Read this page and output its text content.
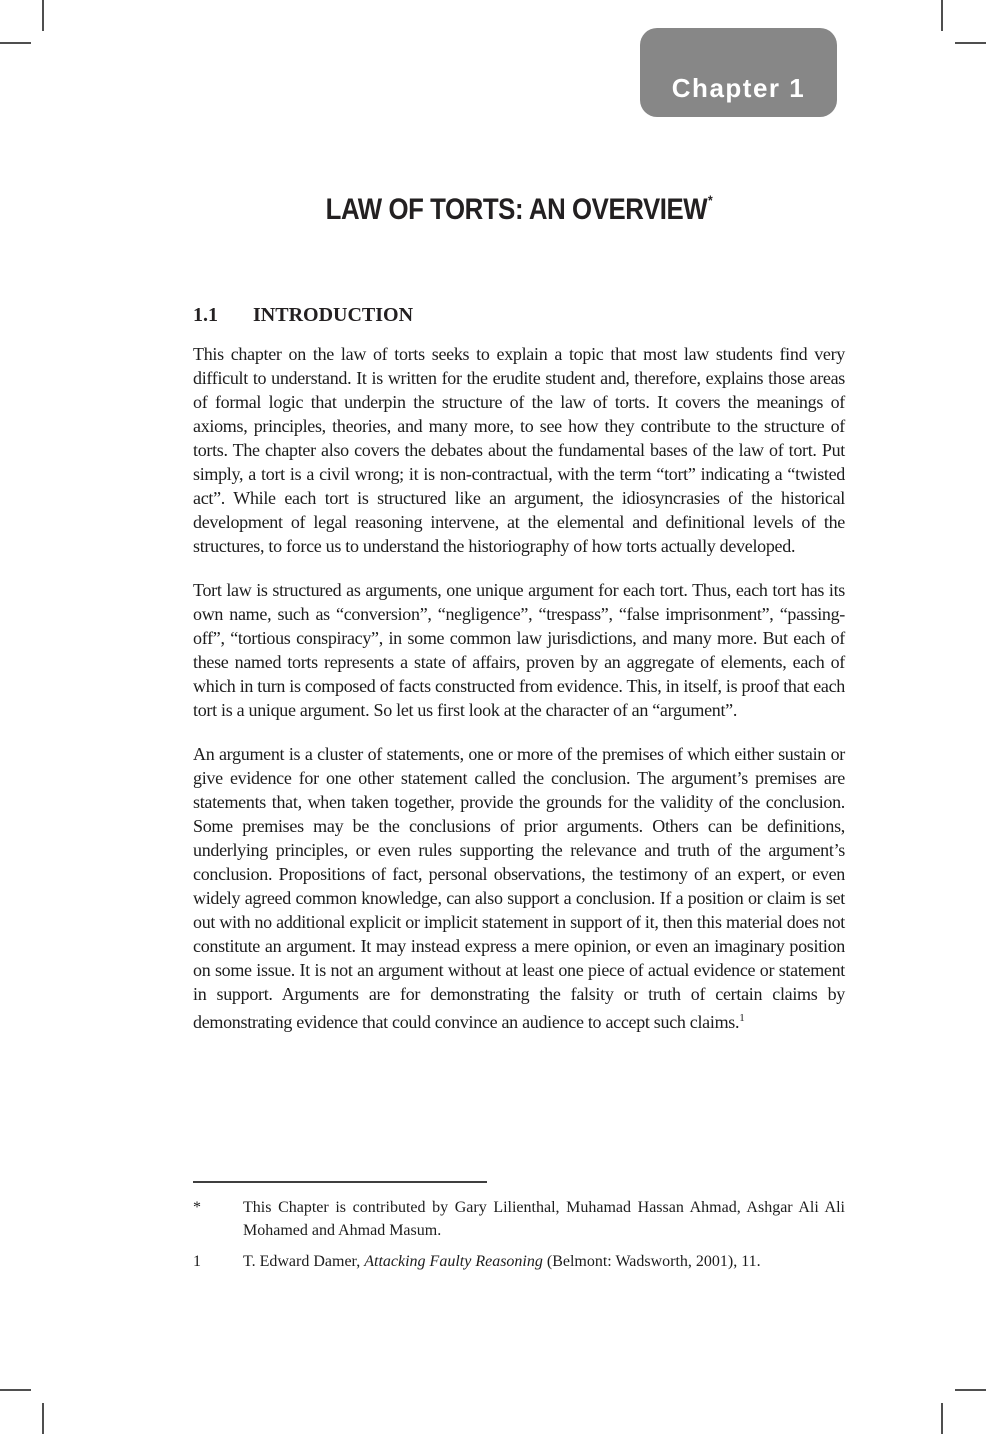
Chapter 1
LAW OF TORTS: AN OVERVIEW*
1.1	INTRODUCTION

This chapter on the law of torts seeks to explain a topic that most law students find very difficult to understand. It is written for the erudite student and, therefore, explains those areas of formal logic that underpin the structure of the law of torts. It covers the meanings of axioms, principles, theories, and many more, to see how they contribute to the structure of torts. The chapter also covers the debates about the fundamental bases of the law of tort. Put simply, a tort is a civil wrong; it is non-contractual, with the term “tort” indicating a “twisted act”. While each tort is structured like an argument, the idiosyncrasies of the historical development of legal reasoning intervene, at the elemental and definitional levels of the structures, to force us to understand the historiography of how torts actually developed.

Tort law is structured as arguments, one unique argument for each tort. Thus, each tort has its own name, such as “conversion”, “negligence”, “trespass”, “false imprisonment”, “passing-off”, “tortious conspiracy”, in some common law jurisdictions, and many more. But each of these named torts represents a state of affairs, proven by an aggregate of elements, each of which in turn is composed of facts constructed from evidence. This, in itself, is proof that each tort is a unique argument. So let us first look at the character of an “argument”.

An argument is a cluster of statements, one or more of the premises of which either sustain or give evidence for one other statement called the conclusion. The argument’s premises are statements that, when taken together, provide the grounds for the validity of the conclusion. Some premises may be the conclusions of prior arguments. Others can be definitions, underlying principles, or even rules supporting the relevance and truth of the argument’s conclusion. Propositions of fact, personal observations, the testimony of an expert, or even widely agreed common knowledge, can also support a conclusion. If a position or claim is set out with no additional explicit or implicit statement in support of it, then this material does not constitute an argument. It may instead express a mere opinion, or even an imaginary position on some issue. It is not an argument without at least one piece of actual evidence or statement in support. Arguments are for demonstrating the falsity or truth of certain claims by demonstrating evidence that could convince an audience to accept such claims.$^1$

*	This Chapter is contributed by Gary Lilienthal, Muhamad Hassan Ahmad, Ashgar Ali Ali Mohamed and Ahmad Masum.
1	T. Edward Damer, Attacking Faulty Reasoning (Belmont: Wadsworth, 2001), 11.
